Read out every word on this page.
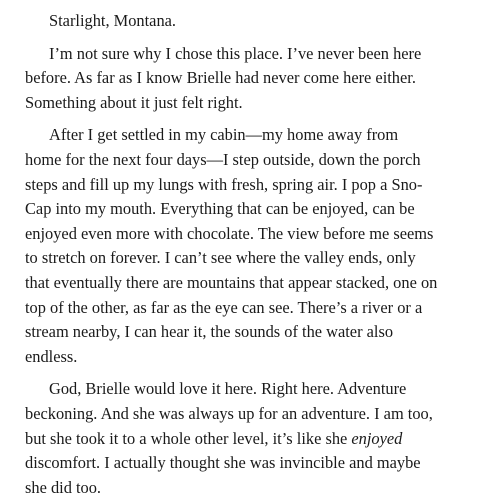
Starlight, Montana.

I’m not sure why I chose this place. I’ve never been here
before. As far as I know Brielle had never come here either.
Something about it just felt right.

After I get settled in my cabin—my home away from
home for the next four days—I step outside, down the porch
steps and fill up my lungs with fresh, spring air. I pop a Sno-
Cap into my mouth. Everything that can be enjoyed, can be
enjoyed even more with chocolate. The view before me seems
to stretch on forever. I can’t see where the valley ends, only
that eventually there are mountains that appear stacked, one on
top of the other, as far as the eye can see. There’s a river or a
stream nearby, I can hear it, the sounds of the water also
endless.

God, Brielle would love it here. Right here. Adventure
beckoning. And she was always up for an adventure. I am too,
but she took it to a whole other level, it’s like she enjoyed
discomfort. I actually thought she was invincible and maybe
she did too.
